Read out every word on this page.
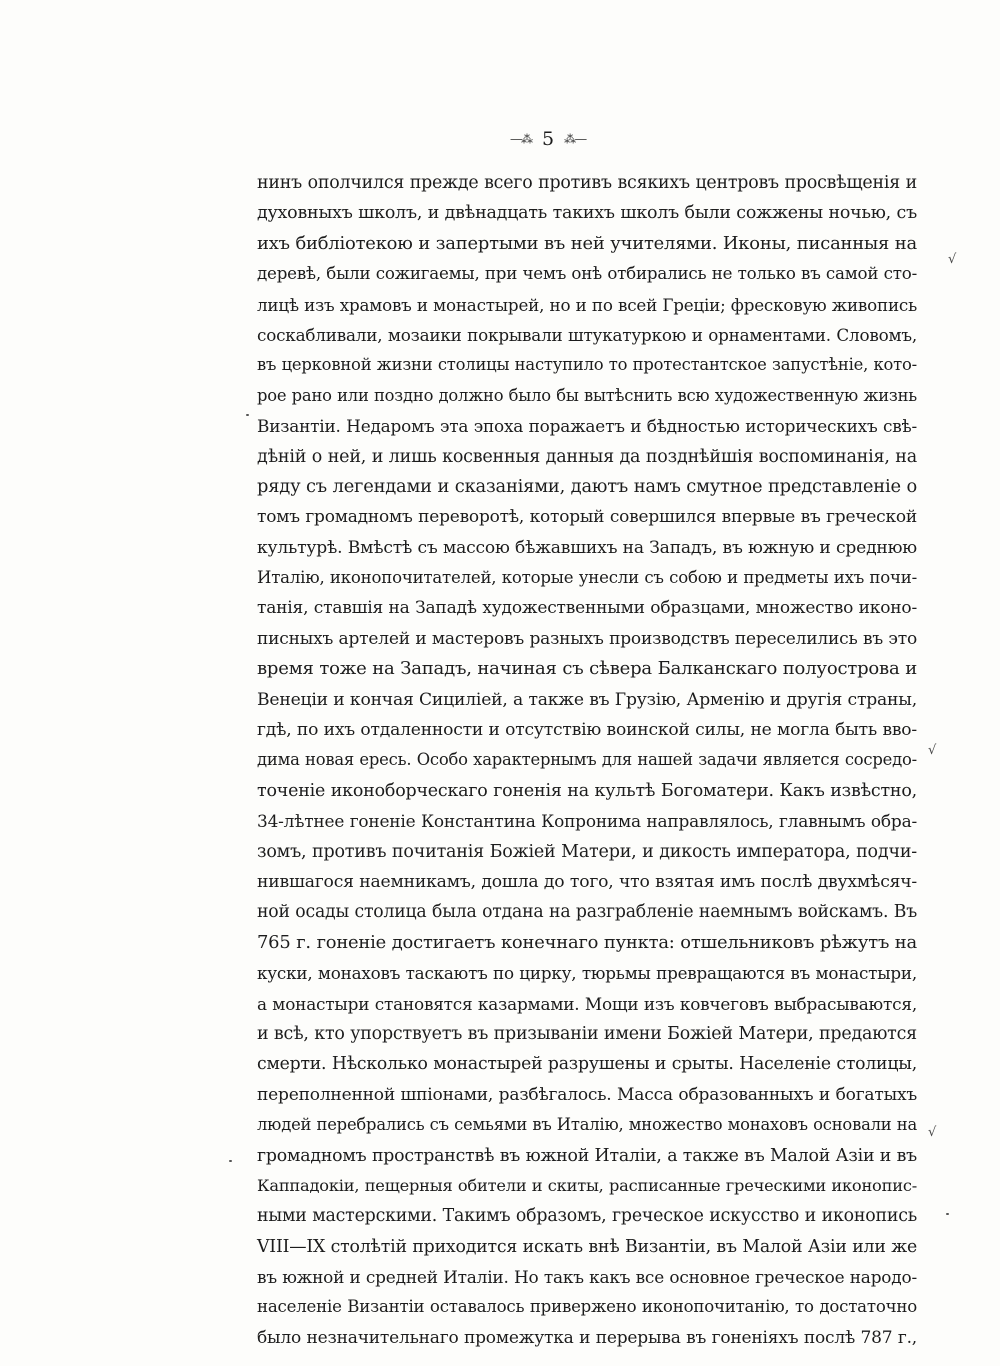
—⁂ 5 ⁂—
нинъ ополчился прежде всего противъ всякихъ центровъ просвѣщенія и
духовныхъ школъ, и двѣнадцать такихъ школъ были сожжены ночью, съ
ихъ библіотекою и запертыми въ ней учителями. Иконы, писанныя на
деревѣ, были сожигаемы, при чемъ онѣ отбирались не только въ самой сто-
лицѣ изъ храмовъ и монастырей, но и по всей Греціи; фресковую живопись
соскабливали, мозаики покрывали штукатуркою и орнаментами. Словомъ,
въ церковной жизни столицы наступило то протестантское запустѣніе, кото-
рое рано или поздно должно было бы вытѣснить всю художественную жизнь
Византіи. Недаромъ эта эпоха поражаетъ и бѣдностью историческихъ свѣ-
дѣній о ней, и лишь косвенныя данныя да позднѣйшія воспоминанія, на
ряду съ легендами и сказаніями, даютъ намъ смутное представленіе о
томъ громадномъ переворотѣ, который совершился впервые въ греческой
культурѣ. Вмѣстѣ съ массою бѣжавшихъ на Западъ, въ южную и среднюю
Италію, иконопочитателей, которые унесли съ собою и предметы ихъ почи-
танія, ставшія на Западѣ художественными образцами, множество иконо-
писныхъ артелей и мастеровъ разныхъ производствъ переселились въ это
время тоже на Западъ, начиная съ сѣвера Балканскаго полуострова и
Венеціи и кончая Сициліей, а также въ Грузію, Арменію и другія страны,
гдѣ, по ихъ отдаленности и отсутствію воинской силы, не могла быть вво-
дима новая ересь. Особо характернымъ для нашей задачи является сосредо-
точеніе иконоборческаго гоненія на культѣ Богоматери. Какъ извѣстно,
34-лѣтнее гоненіе Константина Копронима направлялось, главнымъ обра-
зомъ, противъ почитанія Божіей Матери, и дикость императора, подчи-
нившагося наемникамъ, дошла до того, что взятая имъ послѣ двухмѣсяч-
ной осады столица была отдана на разграбленіе наемнымъ войскамъ. Въ
765 г. гоненіе достигаетъ конечнаго пункта: отшельниковъ рѣжутъ на
куски, монаховъ таскаютъ по цирку, тюрьмы превращаются въ монастыри,
а монастыри становятся казармами. Мощи изъ ковчеговъ выбрасываются,
и всѣ, кто упорствуетъ въ призываніи имени Божіей Матери, предаются
смерти. Нѣсколько монастырей разрушены и срыты. Населеніе столицы,
переполненной шпіонами, разбѣгалось. Масса образованныхъ и богатыхъ
людей перебрались съ семьями въ Италію, множество монаховъ основали на
громадномъ пространствѣ въ южной Италіи, а также въ Малой Азіи и въ
Каппадокіи, пещерныя обители и скиты, расписанные греческими иконопис-
ными мастерскими. Такимъ образомъ, греческое искусство и иконопись
VIII—IX столѣтій приходится искать внѣ Византіи, въ Малой Азіи или же
въ южной и средней Италіи. Но такъ какъ все основное греческое народо-
населеніе Византіи оставалось привержено иконопочитанію, то достаточно
было незначительнаго промежутка и перерыва въ гоненіяхъ послѣ 787 г.,
√
√
√
